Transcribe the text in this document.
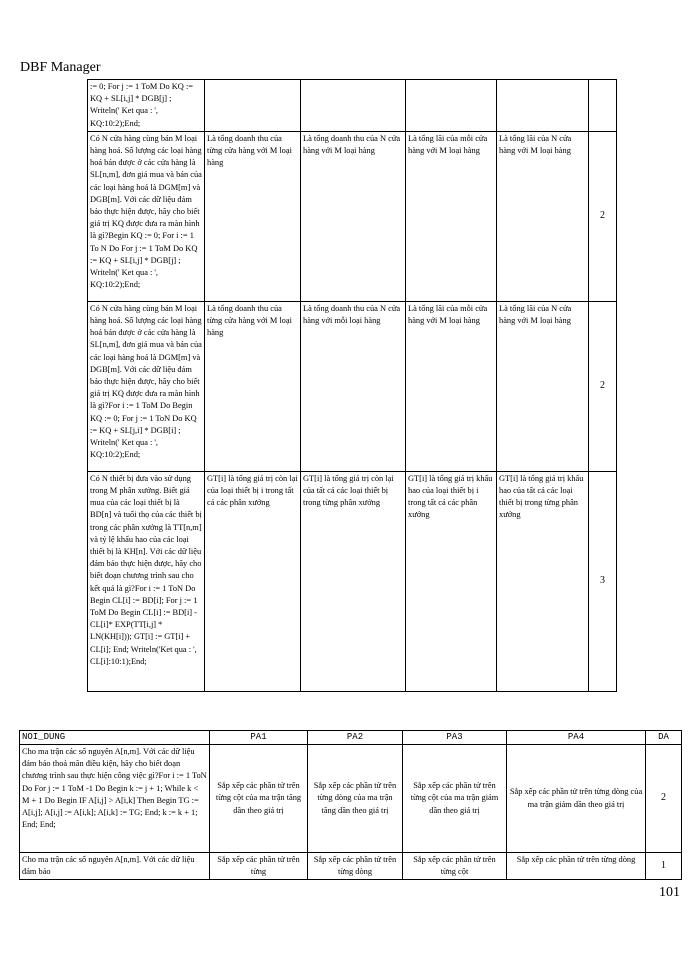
DBF Manager
:= 0; For j := 1 ToM Do KQ := KQ + SL[i,j] * DGB[j] ; Writeln(' Ket qua : ', KQ:10:2);End;					
Có N cửa hàng cùng bán M loại hàng hoá. Số lượng các loại hàng hoá bán được ở các cửa hàng là SL[n,m], đơn giá mua và bán của các loại hàng hoá là DGM[m] và DGB[m]. Với các dữ liệu đảm bảo thực hiện được, hãy cho biết giá trị KQ được đưa ra màn hình là gì?Begin KQ := 0; For i := 1 To N Do For j := 1 ToM Do KQ := KQ + SL[i,j] * DGB[j] ; Writeln(' Ket qua : ', KQ:10:2);End;	Là tổng doanh thu của từng cửa hàng với M loại hàng	Là tổng doanh thu của N cửa hàng với M loại hàng	Là tổng lãi của mỗi cửa hàng với M loại hàng	Là tổng lãi của N cửa hàng với M loại hàng	2
Có N cửa hàng cùng bán M loại hàng hoá. Số lượng các loại hàng hoá bán được ở các cửa hàng là SL[n,m], đơn giá mua và bán của các loại hàng hoá là DGM[m] và DGB[m]. Với các dữ liệu đảm bảo thực hiện được, hãy cho biết giá trị KQ được đưa ra màn hình là gì?For i := 1 ToM Do Begin KQ := 0; For j := 1 ToN Do KQ := KQ + SL[j,i] * DGB[i] ; Writeln(' Ket qua : ', KQ:10:2);End;	Là tổng doanh thu của từng cửa hàng với M loại hàng	Là tổng doanh thu của N cửa hàng với mỗi loại hàng	Là tổng lãi của mỗi cửa hàng với M loại hàng	Là tổng lãi của N cửa hàng với M loại hàng	2
Có N thiết bị đưa vào sử dụng trong M phân xưởng. Biết giá mua của các loại thiết bị là BD[n] và tuổi thọ của các thiết bị trong các phân xưởng là TT[n,m] và tỷ lệ khấu hao của các loại thiết bị là KH[n]. Với các dữ liệu đảm bảo thực hiện được, hãy cho biết đoạn chương trình sau cho kết quả là gì?For i := 1 ToN Do Begin CL[i] := BD[i]; For j := 1 ToM Do Begin CL[i] := BD[i] - CL[i]* EXP(TT[i,j] * LN(KH[i])); GT[i] := GT[i] + CL[i]; End; Writeln('Ket qua : ', CL[i]:10:1);End;	GT[i] là tổng giá trị còn lại của loại thiết bị i trong tất cả các phân xưởng	GT[i] là tổng giá trị còn lại của tất cả các loại thiết bị trong từng phân xưởng	GT[i] là tổng giá trị khấu hao của loại thiết bị i trong tất cả các phân xưởng	GT[i] là tổng giá trị khấu hao của tất cả các loại thiết bị trong từng phân xưởng	3
NOI_DUNG	PA1	PA2	PA3	PA4	DA
Cho ma trận các số nguyên A[n,m]. Với các dữ liệu đảm bảo thoả mãn điều kiện, hãy cho biết đoạn chương trình sau thực hiện công việc gì?For i := 1 ToN Do For j := 1 ToM -1 Do Begin k := j + 1; While k < M + 1 Do Begin IF A[i,j] > A[i,k] Then Begin TG := A[i,j]; A[i,j] := A[i,k]; A[i,k] := TG; End; k := k + 1; End; End;	Sắp xếp các phần tử trên từng cột của ma trận tăng dần theo giá trị	Sắp xếp các phần tử trên từng dòng của ma trận tăng dần theo giá trị	Sắp xếp các phần tử trên từng cột của ma trận giảm dần theo giá trị	Sắp xếp các phần tử trên từng dòng của ma trận giảm dần theo giá trị	2
Cho ma trận các số nguyên A[n,m]. Với các dữ liệu đảm bảo	Sắp xếp các phần tử trên từng	Sắp xếp các phần tử trên từng dòng	Sắp xếp các phần tử trên từng cột	Sắp xếp các phần tử trên từng dòng	1
101
